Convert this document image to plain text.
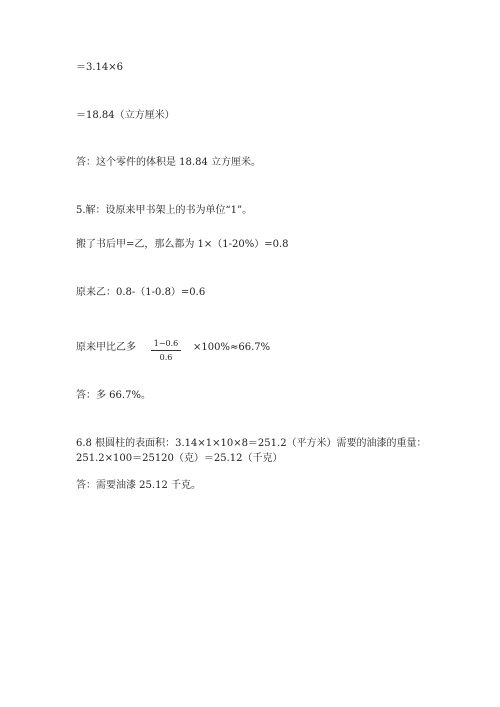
＝3.14×6
＝18.84（立方厘米）
答：这个零件的体积是 18.84 立方厘米。
5.解：设原来甲书架上的书为单位“1”。
搬了书后甲=乙，那么都为 1×（1-20%）=0.8
原来乙：0.8-（1-0.8）=0.6
原来甲比乙多 $\frac{1-0.6}{0.6} \times 100\%\approx 66.7\%$
答：多 66.7%。
6.8 根圆柱的表面积：3.14×1×10×8＝251.2（平方米）需要的油漆的重量：
251.2×100＝25120（克）＝25.12（千克）
答：需要油漆 25.12 千克。
